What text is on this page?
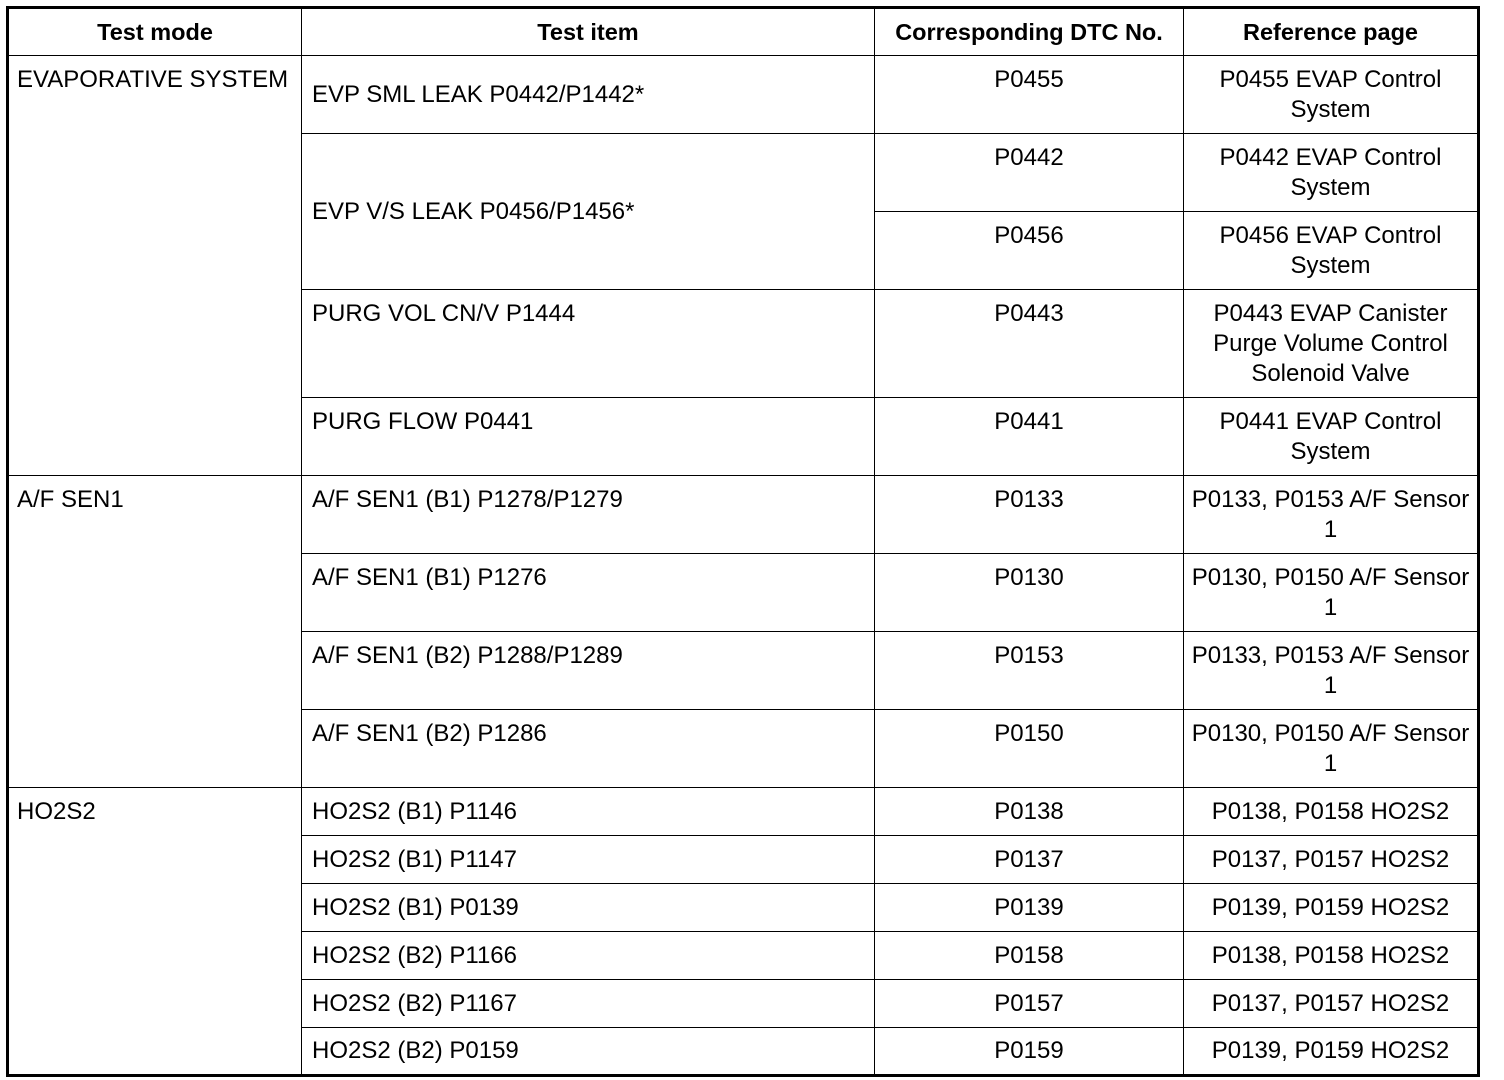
Test mode	Test item	Corresponding DTC No.	Reference page
EVAPORATIVE SYSTEM	EVP SML LEAK P0442/P1442*	P0455	P0455 EVAP Control System
	EVP V/S LEAK P0456/P1456*	P0442	P0442 EVAP Control System
		P0456	P0456 EVAP Control System
	PURG VOL CN/V P1444	P0443	P0443 EVAP Canister Purge Volume Control Solenoid Valve
	PURG FLOW P0441	P0441	P0441 EVAP Control System
A/F SEN1	A/F SEN1 (B1) P1278/P1279	P0133	P0133, P0153 A/F Sensor 1
	A/F SEN1 (B1) P1276	P0130	P0130, P0150 A/F Sensor 1
	A/F SEN1 (B2) P1288/P1289	P0153	P0133, P0153 A/F Sensor 1
	A/F SEN1 (B2) P1286	P0150	P0130, P0150 A/F Sensor 1
HO2S2	HO2S2 (B1) P1146	P0138	P0138, P0158 HO2S2
	HO2S2 (B1) P1147	P0137	P0137, P0157 HO2S2
	HO2S2 (B1) P0139	P0139	P0139, P0159 HO2S2
	HO2S2 (B2) P1166	P0158	P0138, P0158 HO2S2
	HO2S2 (B2) P1167	P0157	P0137, P0157 HO2S2
	HO2S2 (B2) P0159	P0159	P0139, P0159 HO2S2
